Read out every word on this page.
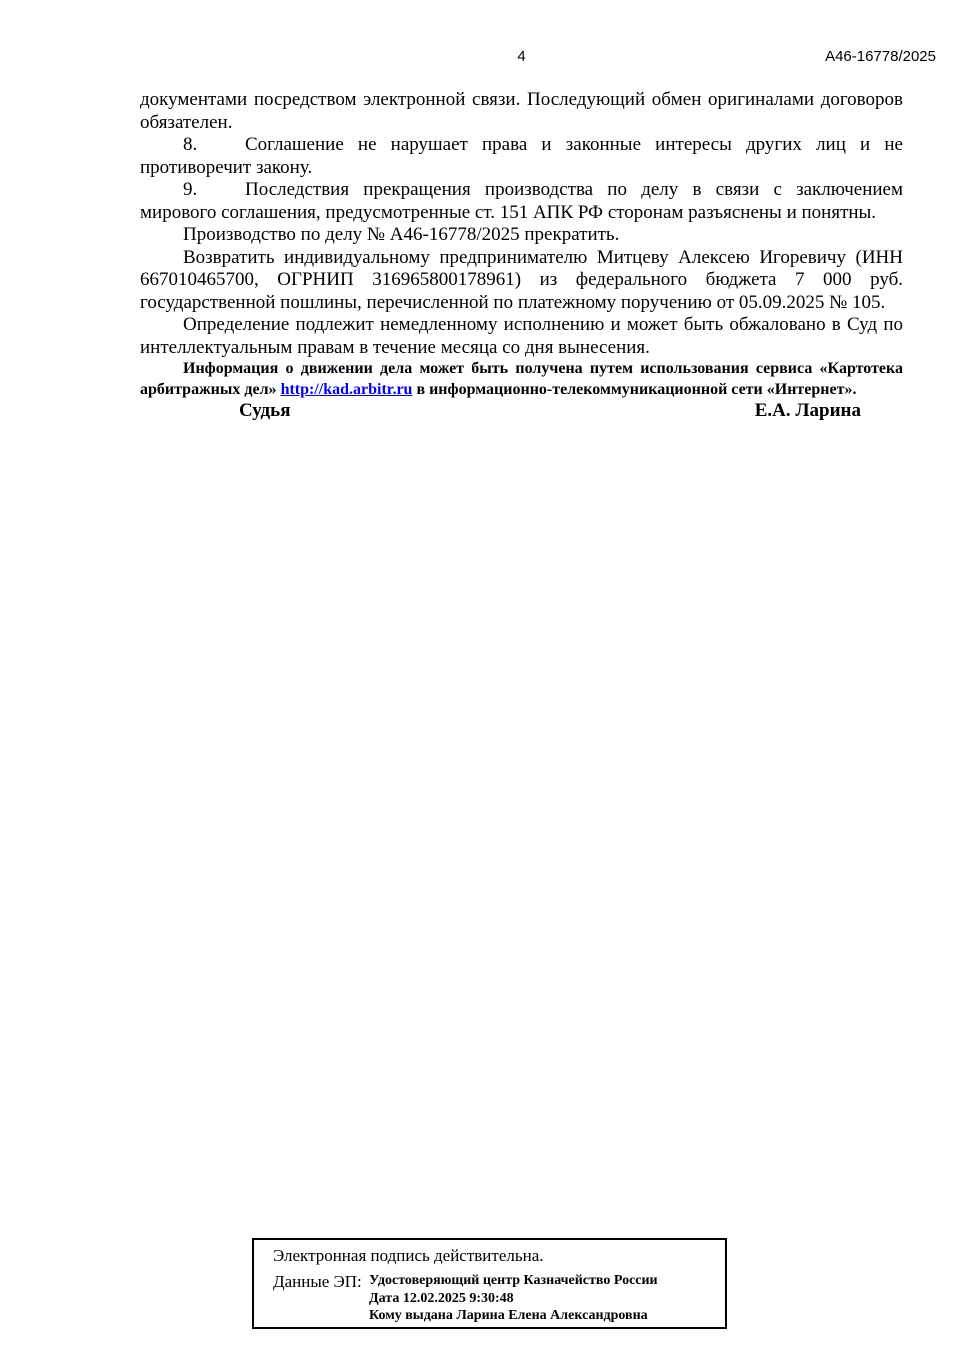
4	А46-16778/2025

документами посредством электронной связи. Последующий обмен оригиналами договоров обязателен.

8.	Соглашение не нарушает права и законные интересы других лиц и не противоречит закону.

9.	Последствия прекращения производства по делу в связи с заключением мирового соглашения, предусмотренные ст. 151 АПК РФ сторонам разъяснены и понятны.

Производство по делу № А46-16778/2025 прекратить.

Возвратить индивидуальному предпринимателю Митцеву Алексею Игоревичу (ИНН 667010465700, ОГРНИП 316965800178961) из федерального бюджета 7 000 руб. государственной пошлины, перечисленной по платежному поручению от 05.09.2025 № 105.

Определение подлежит немедленному исполнению и может быть обжаловано в Суд по интеллектуальным правам в течение месяца со дня вынесения.

Информация о движении дела может быть получена путем использования сервиса «Картотека арбитражных дел» http://kad.arbitr.ru в информационно-телекоммуникационной сети «Интернет».

Судья	Е.А. Ларина

Электронная подпись действительна.
Данные ЭП: Удостоверяющий центр Казначейство России
Дата 12.02.2025 9:30:48
Кому выдана Ларина Елена Александровна
